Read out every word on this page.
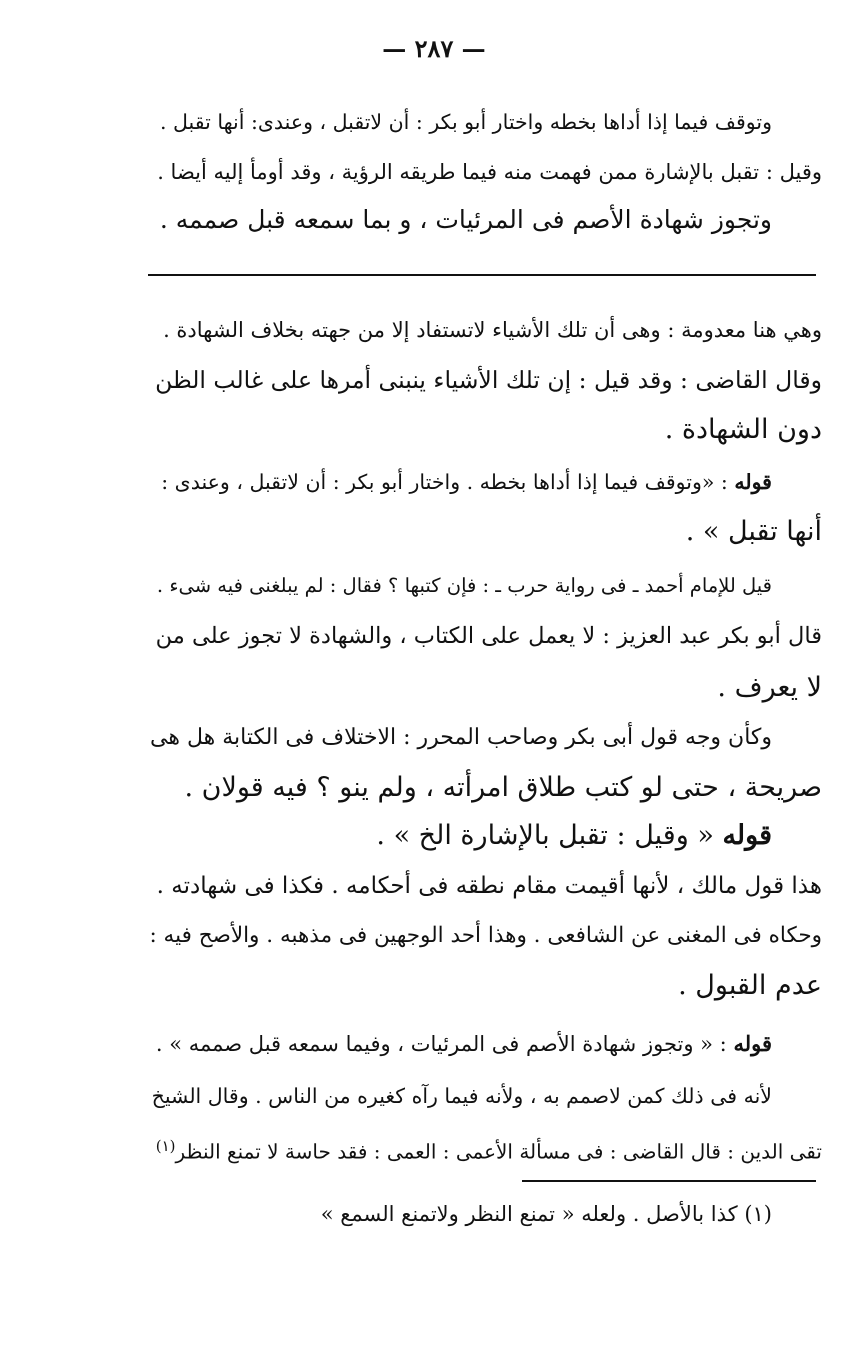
— ٢٨٧ —
وتوقف فيما إذا أداها بخطه واختار أبو بكر : أن لاتقبل ، وعندى: أنها تقبل .
وقيل : تقبل بالإشارة ممن فهمت منه فيما طريقه الرؤية ، وقد أومأ إليه أيضا .
وتجوز شهادة الأصم فى المرئيات ، و بما سمعه قبل صممه .
وهي هنا معدومة : وهى أن تلك الأشياء لاتستفاد إلا من جهته بخلاف الشهادة .
وقال القاضى : وقد قيل : إن تلك الأشياء ينبنى أمرها على غالب الظن
دون الشهادة .
قوله : «وتوقف فيما إذا أداها بخطه . واختار أبو بكر : أن لاتقبل ، وعندى :
أنها تقبل » .
قيل للإمام أحمد ـ فى رواية حرب ـ : فإن كتبها ؟ فقال : لم يبلغنى فيه شىء .
قال أبو بكر عبد العزيز : لا يعمل على الكتاب ، والشهادة لا تجوز على من
لا يعرف .
وكأن وجه قول أبى بكر وصاحب المحرر : الاختلاف فى الكتابة هل هى
صريحة ، حتى لو كتب طلاق امرأته ، ولم ينو ؟ فيه قولان .
قوله « وقيل : تقبل بالإشارة الخ » .
هذا قول مالك ، لأنها أقيمت مقام نطقه فى أحكامه . فكذا فى شهادته .
وحكاه فى المغنى عن الشافعى . وهذا أحد الوجهين فى مذهبه . والأصح فيه :
عدم القبول .
قوله : « وتجوز شهادة الأصم فى المرئيات ، وفيما سمعه قبل صممه » .
لأنه فى ذلك كمن لاصمم به ، ولأنه فيما رآه كغيره من الناس . وقال الشيخ
تقى الدين : قال القاضى : فى مسألة الأعمى : العمى : فقد حاسة لا تمنع النظر$^{(١)}$
(١) كذا بالأصل . ولعله « تمنع النظر ولاتمنع السمع »
